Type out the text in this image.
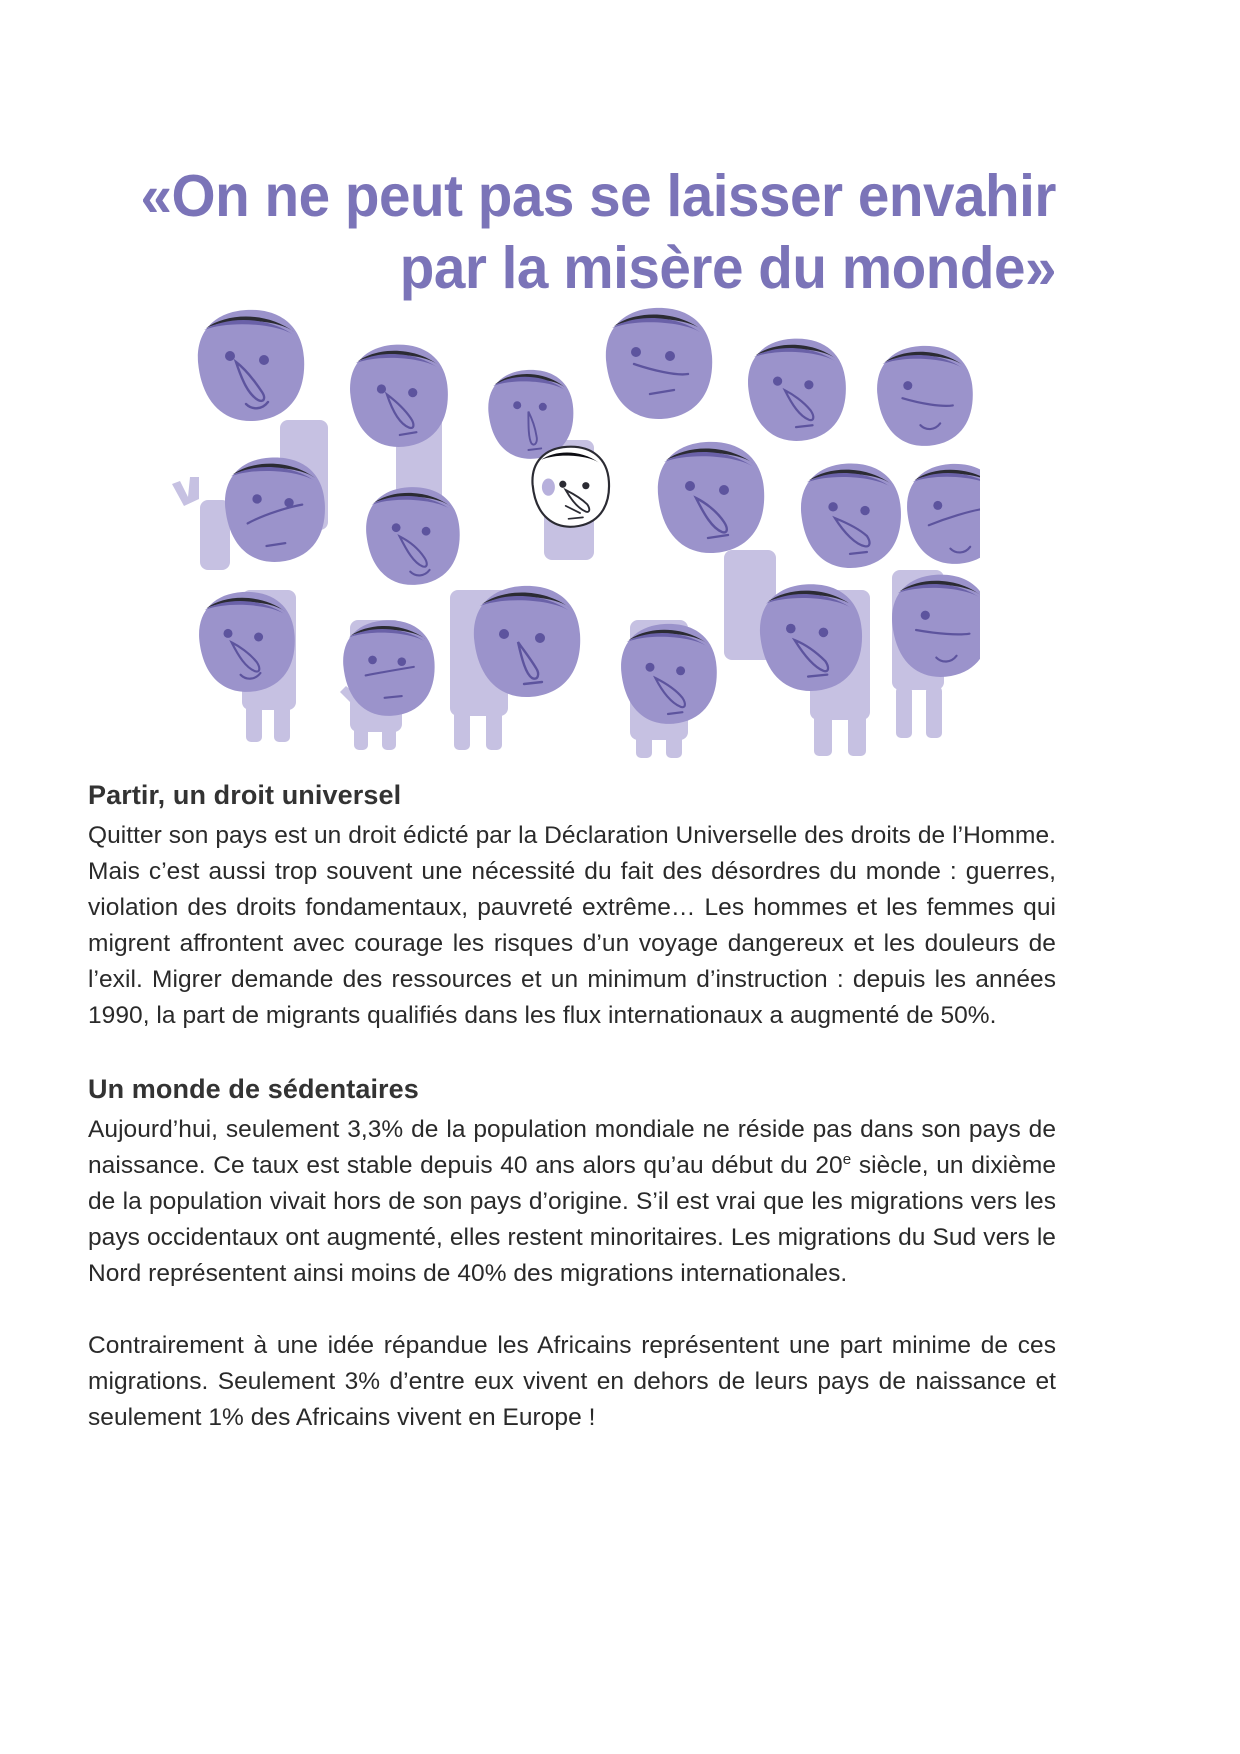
«On ne peut pas se laisser envahir
par la misère du monde»
Partir, un droit universel

Quitter son pays est un droit édicté par la Déclaration Universelle des droits de l’Homme. Mais c’est aussi trop souvent une nécessité du fait des désordres du monde : guerres, violation des droits fondamentaux, pauvreté extrême… Les hommes et les femmes qui migrent affrontent avec courage les risques d’un voyage dangereux et les douleurs de l’exil. Migrer demande des ressources et un minimum d’instruction : depuis les années 1990, la part de migrants qualifiés dans les flux internationaux a augmenté de 50%.

Un monde de sédentaires

Aujourd’hui, seulement 3,3% de la population mondiale ne réside pas dans son pays de naissance. Ce taux est stable depuis 40 ans alors qu’au début du 20e siècle, un dixième de la population vivait hors de son pays d’origine. S’il est vrai que les migrations vers les pays occidentaux ont augmenté, elles restent minoritaires. Les migrations du Sud vers le Nord représentent ainsi moins de 40% des migrations internationales.

Contrairement à une idée répandue les Africains représentent une part minime de ces migrations. Seulement 3% d’entre eux vivent en dehors de leurs pays de naissance et seulement 1% des Africains vivent en Europe !
